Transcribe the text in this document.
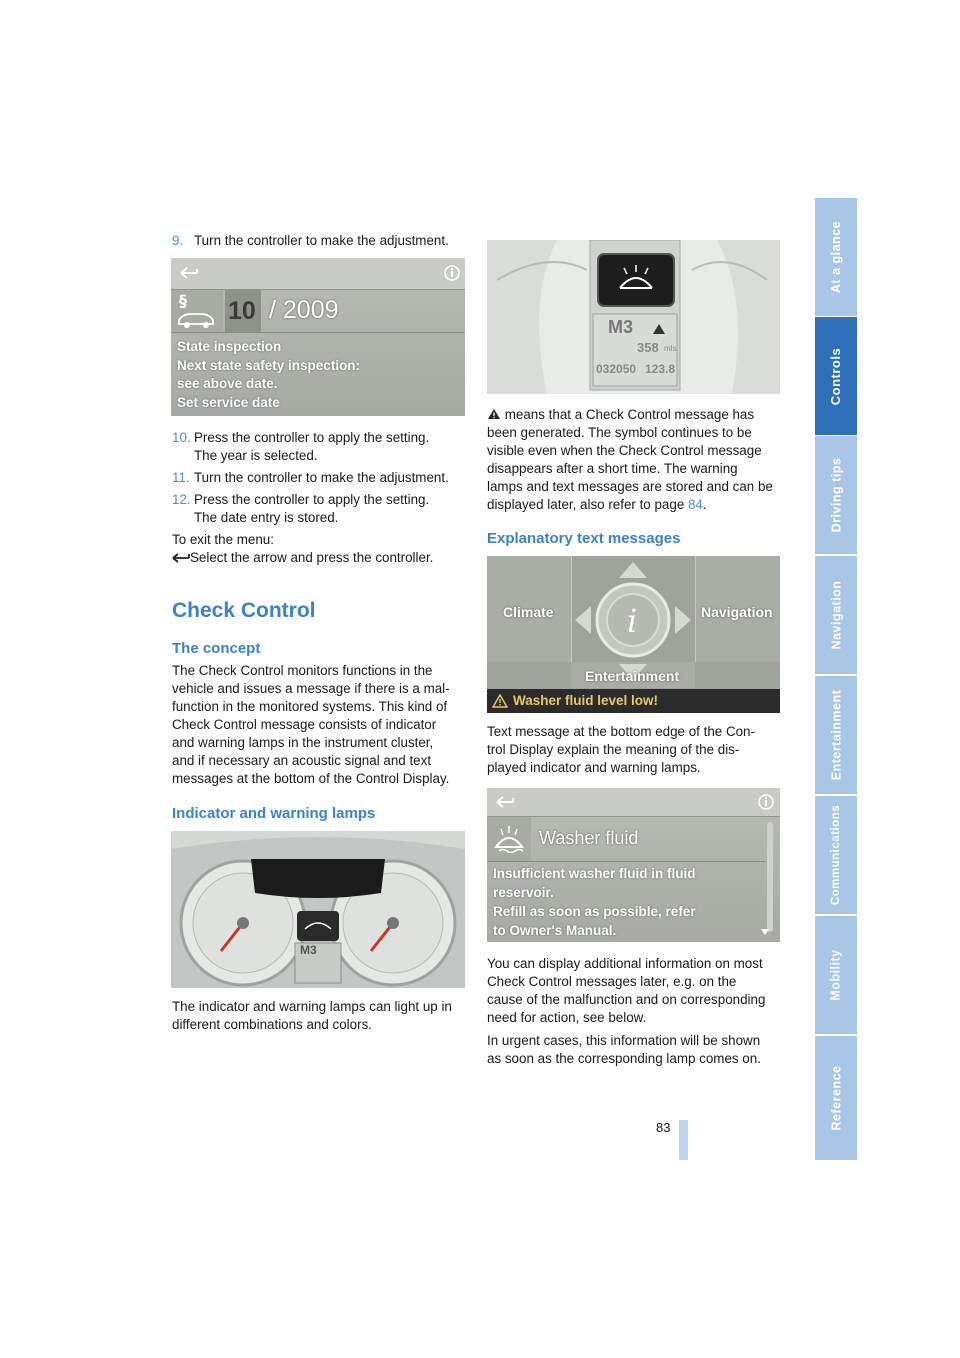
At a glance
Controls
Driving tips
Navigation
Entertainment
Communications
Mobility
Reference
9. Turn the controller to make the adjustment.
§ 10 / 2009
State inspection
Next state safety inspection:
see above date.
Set service date
10. Press the controller to apply the setting.
The year is selected.
11. Turn the controller to make the adjustment.
12. Press the controller to apply the setting.
The date entry is stored.

To exit the menu:

Select the arrow and press the controller.
Check Control
The concept
The Check Control monitors functions in the
vehicle and issues a message if there is a mal-
function in the monitored systems. This kind of
Check Control message consists of indicator
and warning lamps in the instrument cluster,
and if necessary an acoustic signal and text
messages at the bottom of the Control Display.
Indicator and warning lamps
M3
The indicator and warning lamps can light up in
different combinations and colors.
M3
358 mls
032050 123.8
means that a Check Control message has
been generated. The symbol continues to be
visible even when the Check Control message
disappears after a short time. The warning
lamps and text messages are stored and can be
displayed later, also refer to page 84.
Explanatory text messages
i
Climate	Navigation
Entertainment
Washer fluid level low!
Text message at the bottom edge of the Con-
trol Display explain the meaning of the dis-
played indicator and warning lamps.
Washer fluid
Insufficient washer fluid in fluid
reservoir.
Refill as soon as possible, refer
to Owner's Manual.
You can display additional information on most
Check Control messages later, e.g. on the
cause of the malfunction and on corresponding
need for action, see below.
In urgent cases, this information will be shown
as soon as the corresponding lamp comes on.
83
